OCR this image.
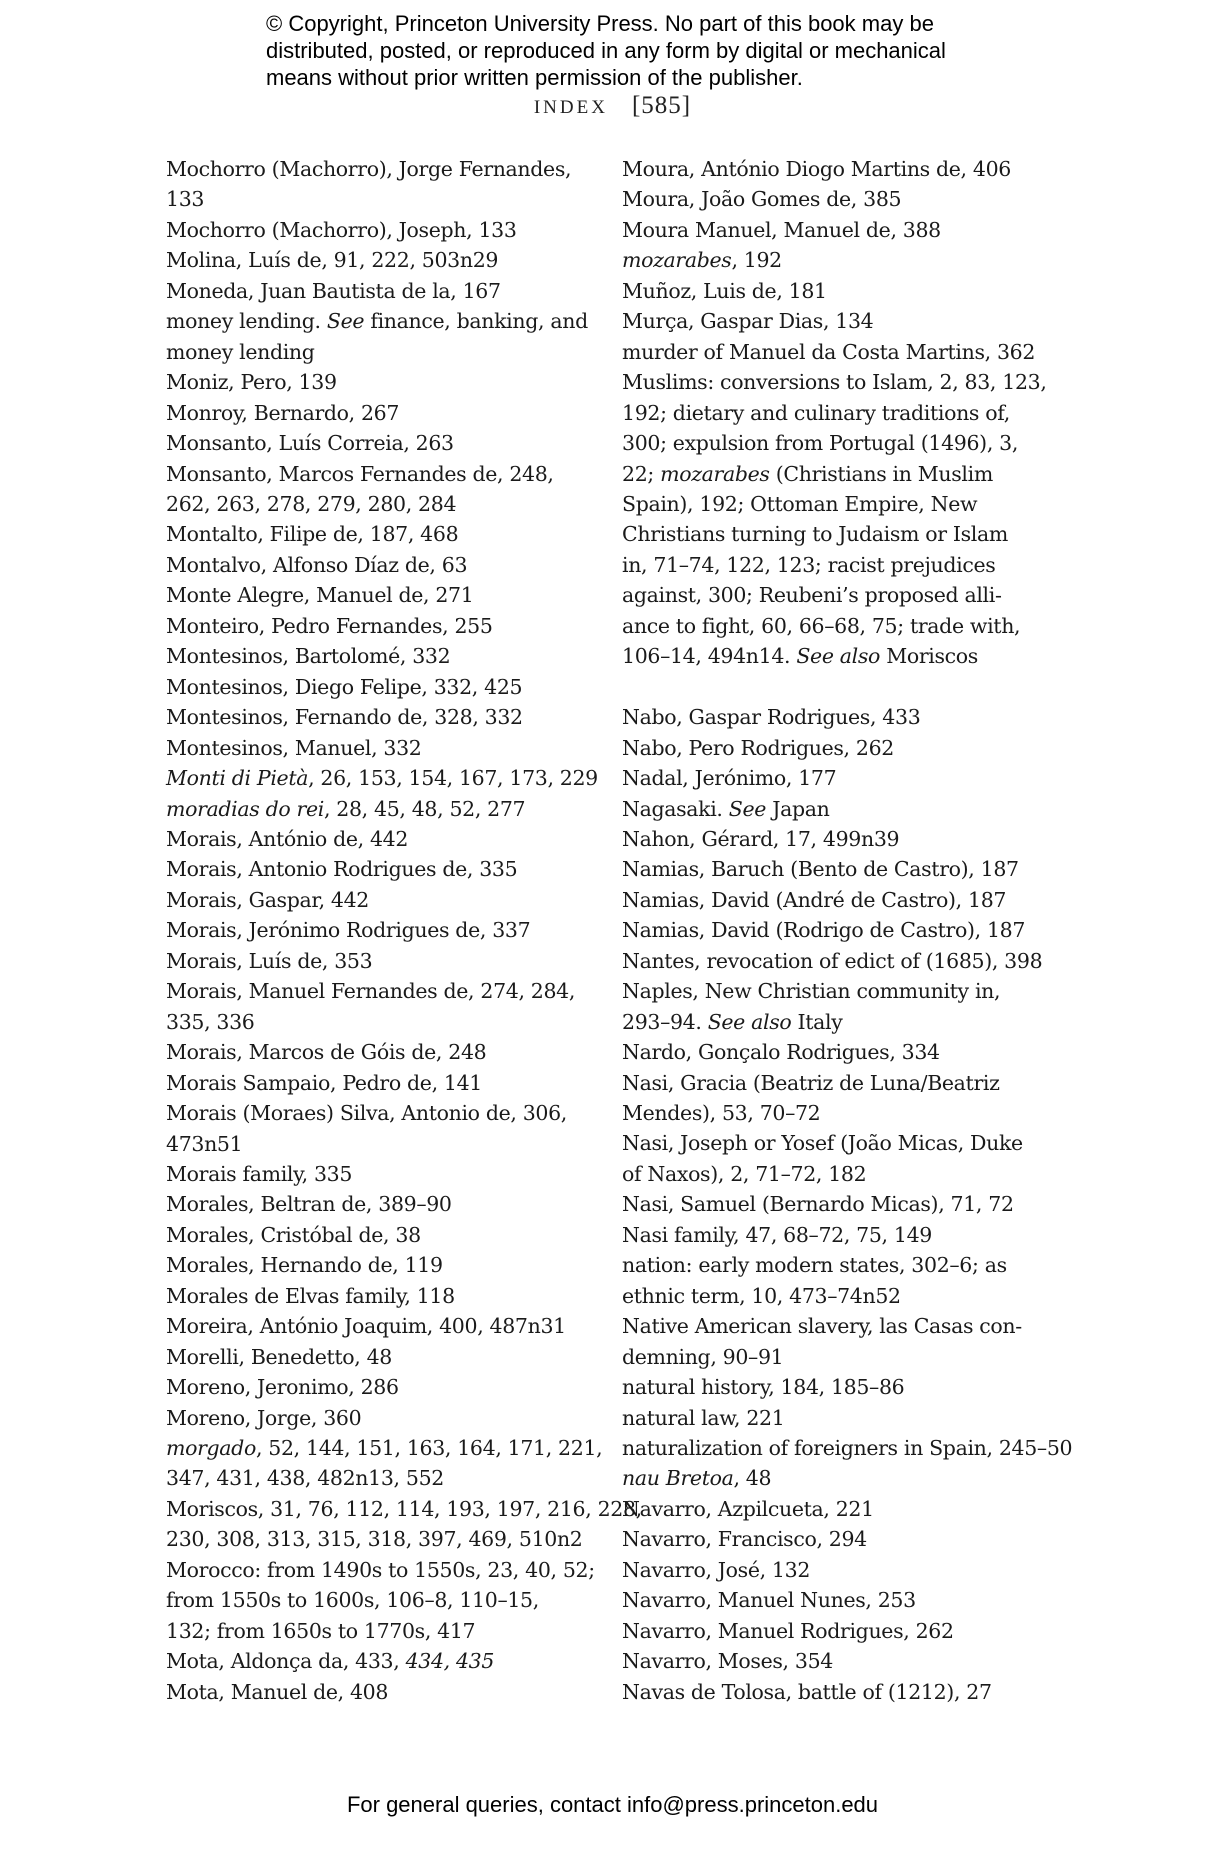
© Copyright, Princeton University Press. No part of this book may be
distributed, posted, or reproduced in any form by digital or mechanical
means without prior written permission of the publisher.
INDEX [585]
Mochorro (Machorro), Jorge Fernandes,
133
Mochorro (Machorro), Joseph, 133
Molina, Luís de, 91, 222, 503n29
Moneda, Juan Bautista de la, 167
money lending. See finance, banking, and
money lending
Moniz, Pero, 139
Monroy, Bernardo, 267
Monsanto, Luís Correia, 263
Monsanto, Marcos Fernandes de, 248,
262, 263, 278, 279, 280, 284
Montalto, Filipe de, 187, 468
Montalvo, Alfonso Díaz de, 63
Monte Alegre, Manuel de, 271
Monteiro, Pedro Fernandes, 255
Montesinos, Bartolomé, 332
Montesinos, Diego Felipe, 332, 425
Montesinos, Fernando de, 328, 332
Montesinos, Manuel, 332
Monti di Pietà, 26, 153, 154, 167, 173, 229
moradias do rei, 28, 45, 48, 52, 277
Morais, António de, 442
Morais, Antonio Rodrigues de, 335
Morais, Gaspar, 442
Morais, Jerónimo Rodrigues de, 337
Morais, Luís de, 353
Morais, Manuel Fernandes de, 274, 284,
335, 336
Morais, Marcos de Góis de, 248
Morais Sampaio, Pedro de, 141
Morais (Moraes) Silva, Antonio de, 306,
473n51
Morais family, 335
Morales, Beltran de, 389–90
Morales, Cristóbal de, 38
Morales, Hernando de, 119
Morales de Elvas family, 118
Moreira, António Joaquim, 400, 487n31
Morelli, Benedetto, 48
Moreno, Jeronimo, 286
Moreno, Jorge, 360
morgado, 52, 144, 151, 163, 164, 171, 221,
347, 431, 438, 482n13, 552
Moriscos, 31, 76, 112, 114, 193, 197, 216, 228,
230, 308, 313, 315, 318, 397, 469, 510n2
Morocco: from 1490s to 1550s, 23, 40, 52;
from 1550s to 1600s, 106–8, 110–15,
132; from 1650s to 1770s, 417
Mota, Aldonça da, 433, 434, 435
Mota, Manuel de, 408
Moura, António Diogo Martins de, 406
Moura, João Gomes de, 385
Moura Manuel, Manuel de, 388
mozarabes, 192
Muñoz, Luis de, 181
Murça, Gaspar Dias, 134
murder of Manuel da Costa Martins, 362
Muslims: conversions to Islam, 2, 83, 123,
192; dietary and culinary traditions of,
300; expulsion from Portugal (1496), 3,
22; mozarabes (Christians in Muslim
Spain), 192; Ottoman Empire, New
Christians turning to Judaism or Islam
in, 71–74, 122, 123; racist prejudices
against, 300; Reubeni’s proposed alli-
ance to fight, 60, 66–68, 75; trade with,
106–14, 494n14. See also Moriscos
Nabo, Gaspar Rodrigues, 433
Nabo, Pero Rodrigues, 262
Nadal, Jerónimo, 177
Nagasaki. See Japan
Nahon, Gérard, 17, 499n39
Namias, Baruch (Bento de Castro), 187
Namias, David (André de Castro), 187
Namias, David (Rodrigo de Castro), 187
Nantes, revocation of edict of (1685), 398
Naples, New Christian community in,
293–94. See also Italy
Nardo, Gonçalo Rodrigues, 334
Nasi, Gracia (Beatriz de Luna/Beatriz
Mendes), 53, 70–72
Nasi, Joseph or Yosef (João Micas, Duke
of Naxos), 2, 71–72, 182
Nasi, Samuel (Bernardo Micas), 71, 72
Nasi family, 47, 68–72, 75, 149
nation: early modern states, 302–6; as
ethnic term, 10, 473–74n52
Native American slavery, las Casas con-
demning, 90–91
natural history, 184, 185–86
natural law, 221
naturalization of foreigners in Spain, 245–50
nau Bretoa, 48
Navarro, Azpilcueta, 221
Navarro, Francisco, 294
Navarro, José, 132
Navarro, Manuel Nunes, 253
Navarro, Manuel Rodrigues, 262
Navarro, Moses, 354
Navas de Tolosa, battle of (1212), 27
For general queries, contact info@press.princeton.edu
